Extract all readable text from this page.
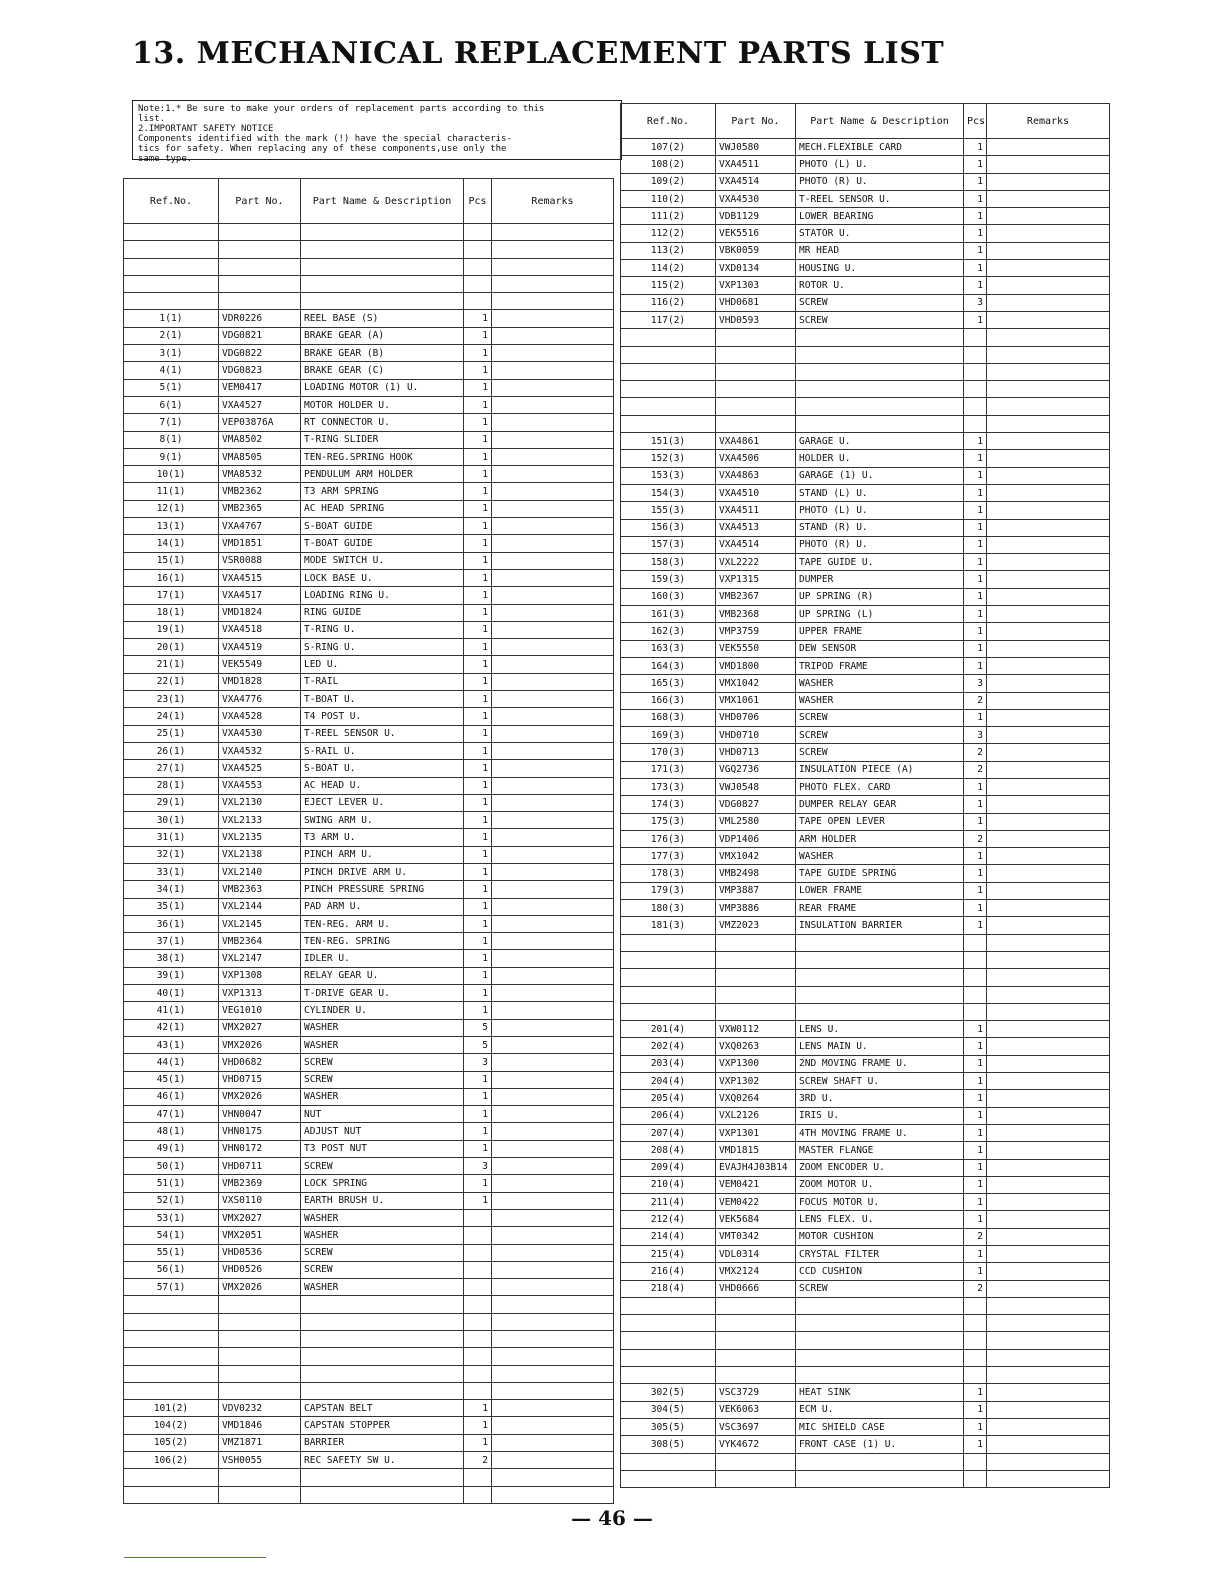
13. MECHANICAL REPLACEMENT PARTS LIST
Note:1.* Be sure to make your orders of replacement parts according to this
list.
2.IMPORTANT SAFETY NOTICE
Components identified with the mark (!) have the special characteris-
tics for safety. When replacing any of these components,use only the
same type.
Ref.No.	Part No.	Part Name & Description	Pcs	Remarks

1(1)	VDR0226	REEL BASE (S)	1	
2(1)	VDG0821	BRAKE GEAR (A)	1	
3(1)	VDG0822	BRAKE GEAR (B)	1	
4(1)	VDG0823	BRAKE GEAR (C)	1	
5(1)	VEM0417	LOADING MOTOR (1) U.	1	
6(1)	VXA4527	MOTOR HOLDER U.	1	
7(1)	VEP03876A	RT CONNECTOR U.	1	
8(1)	VMA8502	T-RING SLIDER	1	
9(1)	VMA8505	TEN-REG.SPRING HOOK	1	
10(1)	VMA8532	PENDULUM ARM HOLDER	1	
11(1)	VMB2362	T3 ARM SPRING	1	
12(1)	VMB2365	AC HEAD SPRING	1	
13(1)	VXA4767	S-BOAT GUIDE	1	
14(1)	VMD1851	T-BOAT GUIDE	1	
15(1)	VSR0088	MODE SWITCH U.	1	
16(1)	VXA4515	LOCK BASE U.	1	
17(1)	VXA4517	LOADING RING U.	1	
18(1)	VMD1824	RING GUIDE	1	
19(1)	VXA4518	T-RING U.	1	
20(1)	VXA4519	S-RING U.	1	
21(1)	VEK5549	LED U.	1	
22(1)	VMD1828	T-RAIL	1	
23(1)	VXA4776	T-BOAT U.	1	
24(1)	VXA4528	T4 POST U.	1	
25(1)	VXA4530	T-REEL SENSOR U.	1	
26(1)	VXA4532	S-RAIL U.	1	
27(1)	VXA4525	S-BOAT U.	1	
28(1)	VXA4553	AC HEAD U.	1	
29(1)	VXL2130	EJECT LEVER U.	1	
30(1)	VXL2133	SWING ARM U.	1	
31(1)	VXL2135	T3 ARM U.	1	
32(1)	VXL2138	PINCH ARM U.	1	
33(1)	VXL2140	PINCH DRIVE ARM U.	1	
34(1)	VMB2363	PINCH PRESSURE SPRING	1	
35(1)	VXL2144	PAD ARM U.	1	
36(1)	VXL2145	TEN-REG. ARM U.	1	
37(1)	VMB2364	TEN-REG. SPRING	1	
38(1)	VXL2147	IDLER U.	1	
39(1)	VXP1308	RELAY GEAR U.	1	
40(1)	VXP1313	T-DRIVE GEAR U.	1	
41(1)	VEG1010	CYLINDER U.	1	
42(1)	VMX2027	WASHER	5	
43(1)	VMX2026	WASHER	5	
44(1)	VHD0682	SCREW	3	
45(1)	VHD0715	SCREW	1	
46(1)	VMX2026	WASHER	1	
47(1)	VHN0047	NUT	1	
48(1)	VHN0175	ADJUST NUT	1	
49(1)	VHN0172	T3 POST NUT	1	
50(1)	VHD0711	SCREW	3	
51(1)	VMB2369	LOCK SPRING	1	
52(1)	VXS0110	EARTH BRUSH U.	1	
53(1)	VMX2027	WASHER		
54(1)	VMX2051	WASHER		
55(1)	VHD0536	SCREW		
56(1)	VHD0526	SCREW		
57(1)	VMX2026	WASHER		

101(2)	VDV0232	CAPSTAN BELT	1	
104(2)	VMD1846	CAPSTAN STOPPER	1	
105(2)	VMZ1871	BARRIER	1	
106(2)	VSH0055	REC SAFETY SW U.	2	

Ref.No.	Part No.	Part Name & Description	Pcs	Remarks
107(2)	VWJ0580	MECH.FLEXIBLE CARD	1	
108(2)	VXA4511	PHOTO (L) U.	1	
109(2)	VXA4514	PHOTO (R) U.	1	
110(2)	VXA4530	T-REEL SENSOR U.	1	
111(2)	VDB1129	LOWER BEARING	1	
112(2)	VEK5516	STATOR U.	1	
113(2)	VBK0059	MR HEAD	1	
114(2)	VXD0134	HOUSING U.	1	
115(2)	VXP1303	ROTOR U.	1	
116(2)	VHD0681	SCREW	3	
117(2)	VHD0593	SCREW	1	

151(3)	VXA4861	GARAGE U.	1	
152(3)	VXA4506	HOLDER U.	1	
153(3)	VXA4863	GARAGE (1) U.	1	
154(3)	VXA4510	STAND (L) U.	1	
155(3)	VXA4511	PHOTO (L) U.	1	
156(3)	VXA4513	STAND (R) U.	1	
157(3)	VXA4514	PHOTO (R) U.	1	
158(3)	VXL2222	TAPE GUIDE U.	1	
159(3)	VXP1315	DUMPER	1	
160(3)	VMB2367	UP SPRING (R)	1	
161(3)	VMB2368	UP SPRING (L)	1	
162(3)	VMP3759	UPPER FRAME	1	
163(3)	VEK5550	DEW SENSOR	1	
164(3)	VMD1800	TRIPOD FRAME	1	
165(3)	VMX1042	WASHER	3	
166(3)	VMX1061	WASHER	2	
168(3)	VHD0706	SCREW	1	
169(3)	VHD0710	SCREW	3	
170(3)	VHD0713	SCREW	2	
171(3)	VGQ2736	INSULATION PIECE (A)	2	
173(3)	VWJ0548	PHOTO FLEX. CARD	1	
174(3)	VDG0827	DUMPER RELAY GEAR	1	
175(3)	VML2580	TAPE OPEN LEVER	1	
176(3)	VDP1406	ARM HOLDER	2	
177(3)	VMX1042	WASHER	1	
178(3)	VMB2498	TAPE GUIDE SPRING	1	
179(3)	VMP3887	LOWER FRAME	1	
180(3)	VMP3886	REAR FRAME	1	
181(3)	VMZ2023	INSULATION BARRIER	1	

201(4)	VXW0112	LENS U.	1	
202(4)	VXQ0263	LENS MAIN U.	1	
203(4)	VXP1300	2ND MOVING FRAME U.	1	
204(4)	VXP1302	SCREW SHAFT U.	1	
205(4)	VXQ0264	3RD U.	1	
206(4)	VXL2126	IRIS U.	1	
207(4)	VXP1301	4TH MOVING FRAME U.	1	
208(4)	VMD1815	MASTER FLANGE	1	
209(4)	EVAJH4J03B14	ZOOM ENCODER U.	1	
210(4)	VEM0421	ZOOM MOTOR U.	1	
211(4)	VEM0422	FOCUS MOTOR U.	1	
212(4)	VEK5684	LENS FLEX. U.	1	
214(4)	VMT0342	MOTOR CUSHION	2	
215(4)	VDL0314	CRYSTAL FILTER	1	
216(4)	VMX2124	CCD CUSHION	1	
218(4)	VHD0666	SCREW	2	

302(5)	VSC3729	HEAT SINK	1	
304(5)	VEK6063	ECM U.	1	
305(5)	VSC3697	MIC SHIELD CASE	1	
308(5)	VYK4672	FRONT CASE (1) U.	1	

— 46 —
